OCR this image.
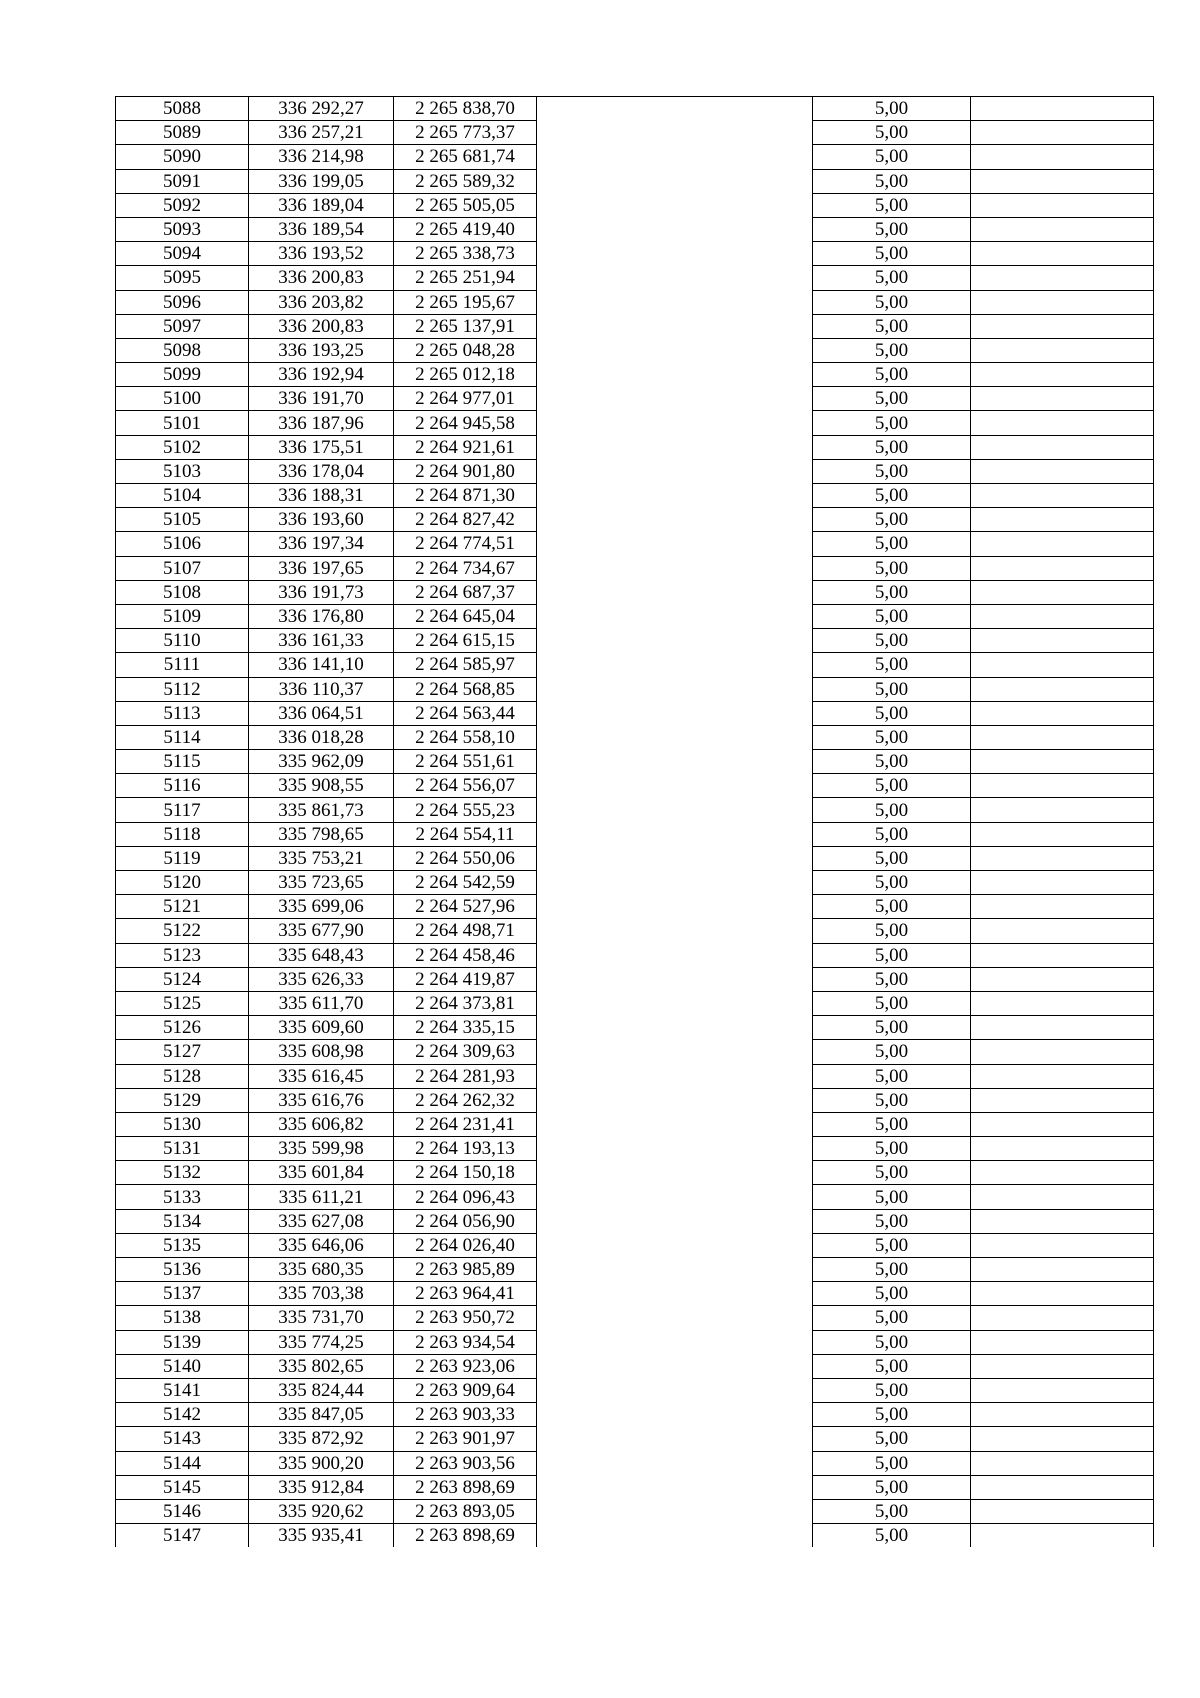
5088	336 292,27	2 265 838,70		5,00	
5089	336 257,21	2 265 773,37		5,00	
5090	336 214,98	2 265 681,74		5,00	
5091	336 199,05	2 265 589,32		5,00	
5092	336 189,04	2 265 505,05		5,00	
5093	336 189,54	2 265 419,40		5,00	
5094	336 193,52	2 265 338,73		5,00	
5095	336 200,83	2 265 251,94		5,00	
5096	336 203,82	2 265 195,67		5,00	
5097	336 200,83	2 265 137,91		5,00	
5098	336 193,25	2 265 048,28		5,00	
5099	336 192,94	2 265 012,18		5,00	
5100	336 191,70	2 264 977,01		5,00	
5101	336 187,96	2 264 945,58		5,00	
5102	336 175,51	2 264 921,61		5,00	
5103	336 178,04	2 264 901,80		5,00	
5104	336 188,31	2 264 871,30		5,00	
5105	336 193,60	2 264 827,42		5,00	
5106	336 197,34	2 264 774,51		5,00	
5107	336 197,65	2 264 734,67		5,00	
5108	336 191,73	2 264 687,37		5,00	
5109	336 176,80	2 264 645,04		5,00	
5110	336 161,33	2 264 615,15		5,00	
5111	336 141,10	2 264 585,97		5,00	
5112	336 110,37	2 264 568,85		5,00	
5113	336 064,51	2 264 563,44		5,00	
5114	336 018,28	2 264 558,10		5,00	
5115	335 962,09	2 264 551,61		5,00	
5116	335 908,55	2 264 556,07		5,00	
5117	335 861,73	2 264 555,23		5,00	
5118	335 798,65	2 264 554,11		5,00	
5119	335 753,21	2 264 550,06		5,00	
5120	335 723,65	2 264 542,59		5,00	
5121	335 699,06	2 264 527,96		5,00	
5122	335 677,90	2 264 498,71		5,00	
5123	335 648,43	2 264 458,46		5,00	
5124	335 626,33	2 264 419,87		5,00	
5125	335 611,70	2 264 373,81		5,00	
5126	335 609,60	2 264 335,15		5,00	
5127	335 608,98	2 264 309,63		5,00	
5128	335 616,45	2 264 281,93		5,00	
5129	335 616,76	2 264 262,32		5,00	
5130	335 606,82	2 264 231,41		5,00	
5131	335 599,98	2 264 193,13		5,00	
5132	335 601,84	2 264 150,18		5,00	
5133	335 611,21	2 264 096,43		5,00	
5134	335 627,08	2 264 056,90		5,00	
5135	335 646,06	2 264 026,40		5,00	
5136	335 680,35	2 263 985,89		5,00	
5137	335 703,38	2 263 964,41		5,00	
5138	335 731,70	2 263 950,72		5,00	
5139	335 774,25	2 263 934,54		5,00	
5140	335 802,65	2 263 923,06		5,00	
5141	335 824,44	2 263 909,64		5,00	
5142	335 847,05	2 263 903,33		5,00	
5143	335 872,92	2 263 901,97		5,00	
5144	335 900,20	2 263 903,56		5,00	
5145	335 912,84	2 263 898,69		5,00	
5146	335 920,62	2 263 893,05		5,00	
5147	335 935,41	2 263 898,69		5,00	
